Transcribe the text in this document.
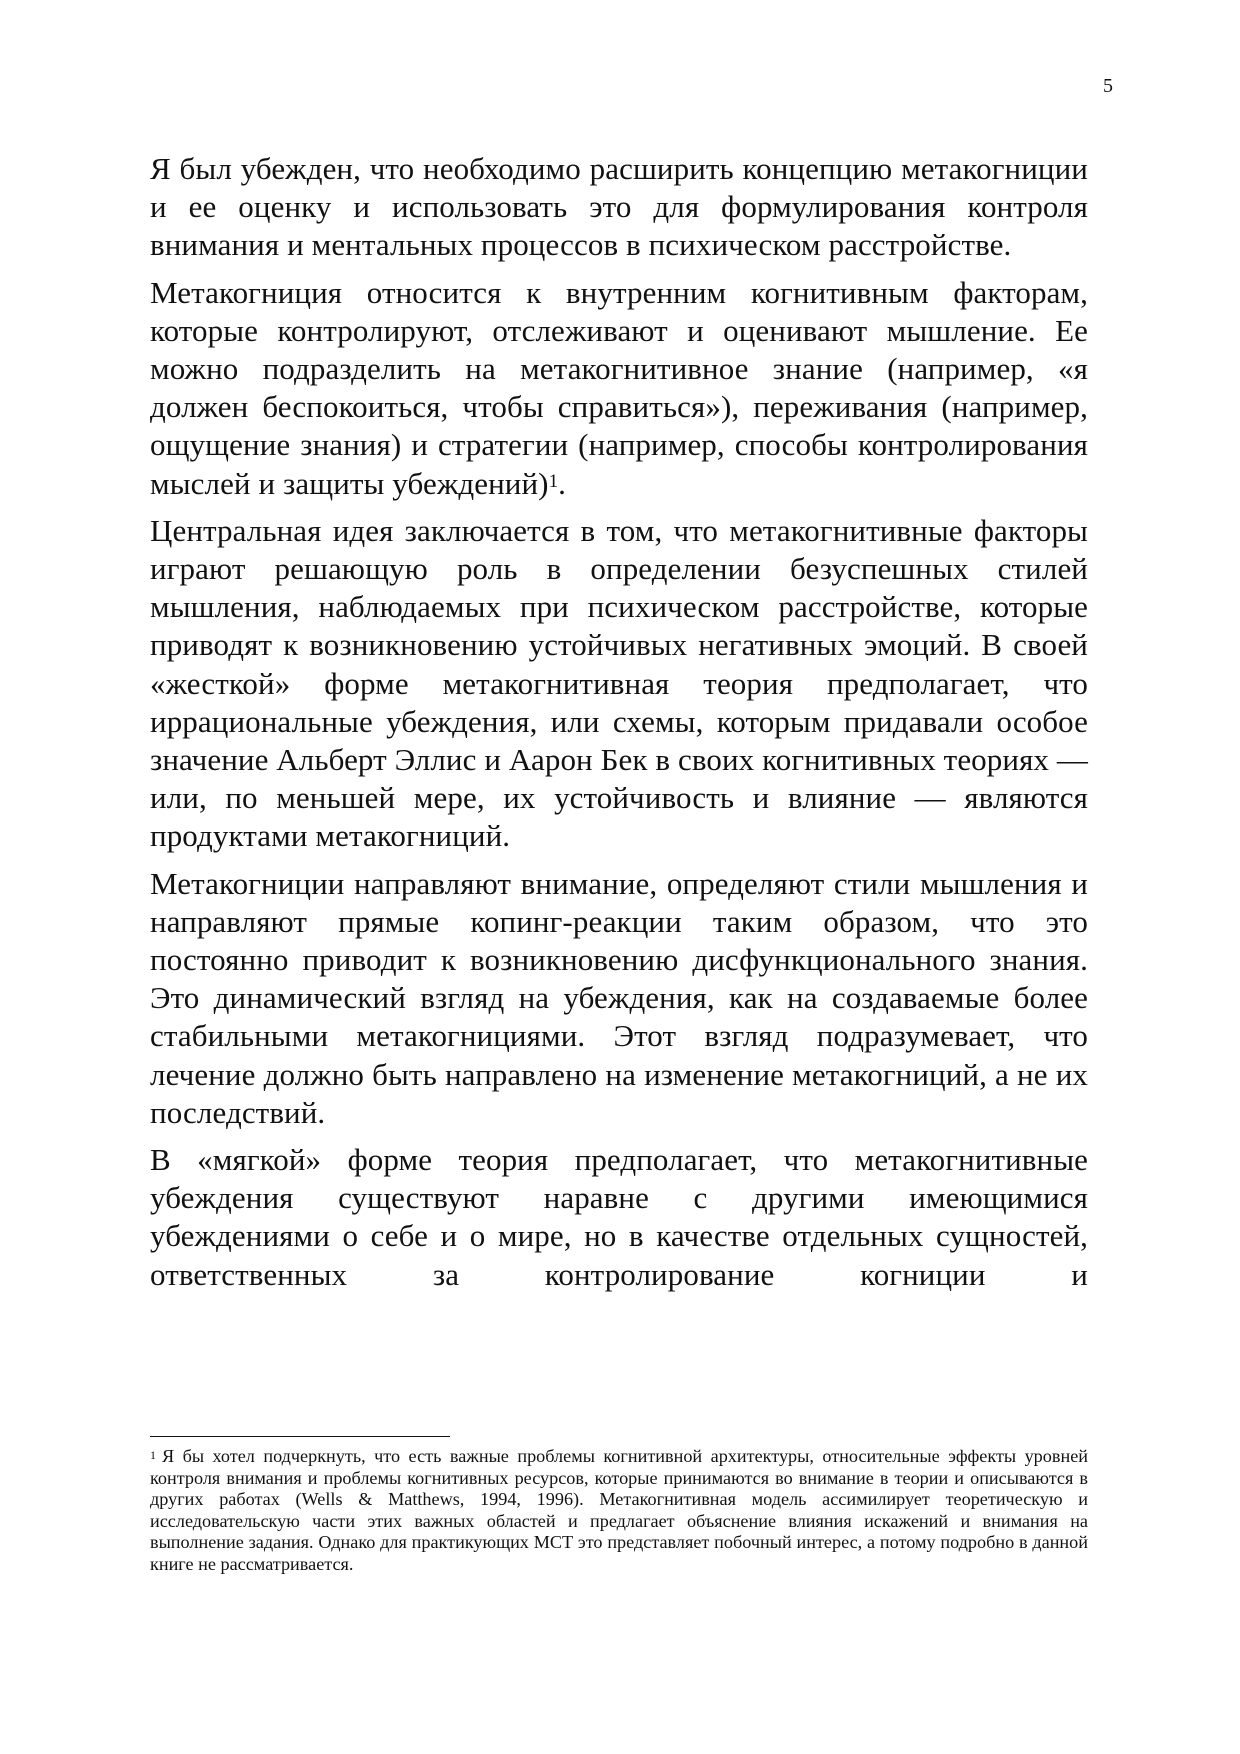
5

Я был убежден, что необходимо расширить концепцию метакогниции и ее оценку и использовать это для формулирования контроля внимания и ментальных процессов в психическом расстройстве.

Метакогниция относится к внутренним когнитивным факторам, которые контролируют, отслеживают и оценивают мышление. Ее можно подразделить на метакогнитивное знание (например, «я должен беспокоиться, чтобы справиться»), переживания (например, ощущение знания) и стратегии (например, способы контролирования мыслей и защиты убеждений)$^1$.

Центральная идея заключается в том, что метакогнитивные факторы играют решающую роль в определении безуспешных стилей мышления, наблюдаемых при психическом расстройстве, которые приводят к возникновению устойчивых негативных эмоций. В своей «жесткой» форме метакогнитивная теория предполагает, что иррациональные убеждения, или схемы, которым придавали особое значение Альберт Эллис и Аарон Бек в своих когнитивных теориях — или, по меньшей мере, их устойчивость и влияние — являются продуктами метакогниций.

Метакогниции направляют внимание, определяют стили мышления и направляют прямые копинг-реакции таким образом, что это постоянно приводит к возникновению дисфункционального знания. Это динамический взгляд на убеждения, как на создаваемые более стабильными метакогнициями. Этот взгляд подразумевает, что лечение должно быть направлено на изменение метакогниций, а не их последствий.

В «мягкой» форме теория предполагает, что метакогнитивные убеждения существуют наравне с другими имеющимися убеждениями о себе и о мире, но в качестве отдельных сущностей, ответственных за контролирование когниции и

$^1$ Я бы хотел подчеркнуть, что есть важные проблемы когнитивной архитектуры, относительные эффекты уровней контроля внимания и проблемы когнитивных ресурсов, которые принимаются во внимание в теории и описываются в других работах (Wells & Matthews, 1994, 1996). Метакогнитивная модель ассимилирует теоретическую и исследовательскую части этих важных областей и предлагает объяснение влияния искажений и внимания на выполнение задания. Однако для практикующих МСТ это представляет побочный интерес, а потому подробно в данной книге не рассматривается.
